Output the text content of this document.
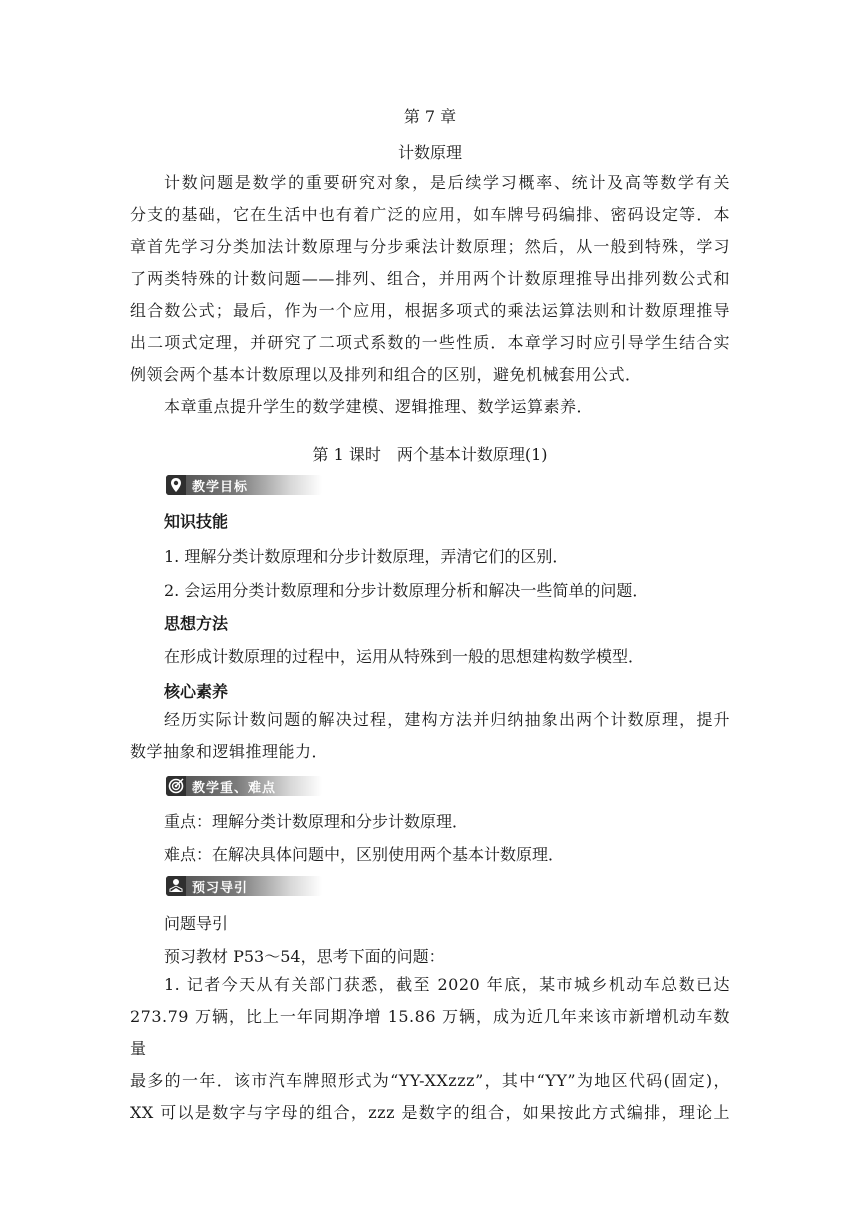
第 7 章
计数原理
计数问题是数学的重要研究对象，是后续学习概率、统计及高等数学有关
分支的基础，它在生活中也有着广泛的应用，如车牌号码编排、密码设定等．本
章首先学习分类加法计数原理与分步乘法计数原理；然后，从一般到特殊，学习
了两类特殊的计数问题——排列、组合，并用两个计数原理推导出排列数公式和
组合数公式；最后，作为一个应用，根据多项式的乘法运算法则和计数原理推导
出二项式定理，并研究了二项式系数的一些性质．本章学习时应引导学生结合实
例领会两个基本计数原理以及排列和组合的区别，避免机械套用公式．
本章重点提升学生的数学建模、逻辑推理、数学运算素养．
第 1 课时　两个基本计数原理(1)
教学目标
知识技能
1. 理解分类计数原理和分步计数原理，弄清它们的区别．
2. 会运用分类计数原理和分步计数原理分析和解决一些简单的问题．
思想方法
在形成计数原理的过程中，运用从特殊到一般的思想建构数学模型．
核心素养
经历实际计数问题的解决过程，建构方法并归纳抽象出两个计数原理，提升
数学抽象和逻辑推理能力．
教学重、难点
重点：理解分类计数原理和分步计数原理．
难点：在解决具体问题中，区别使用两个基本计数原理．
预习导引
问题导引
预习教材 P53～54，思考下面的问题：
1. 记者今天从有关部门获悉，截至 2020 年底，某市城乡机动车总数已达
273.79 万辆，比上一年同期净增 15.86 万辆，成为近几年来该市新增机动车数量
最多的一年．该市汽车牌照形式为“YY-XXzzz”，其中“YY”为地区代码(固定)，
XX 可以是数字与字母的组合，zzz 是数字的组合，如果按此方式编排，理论上
